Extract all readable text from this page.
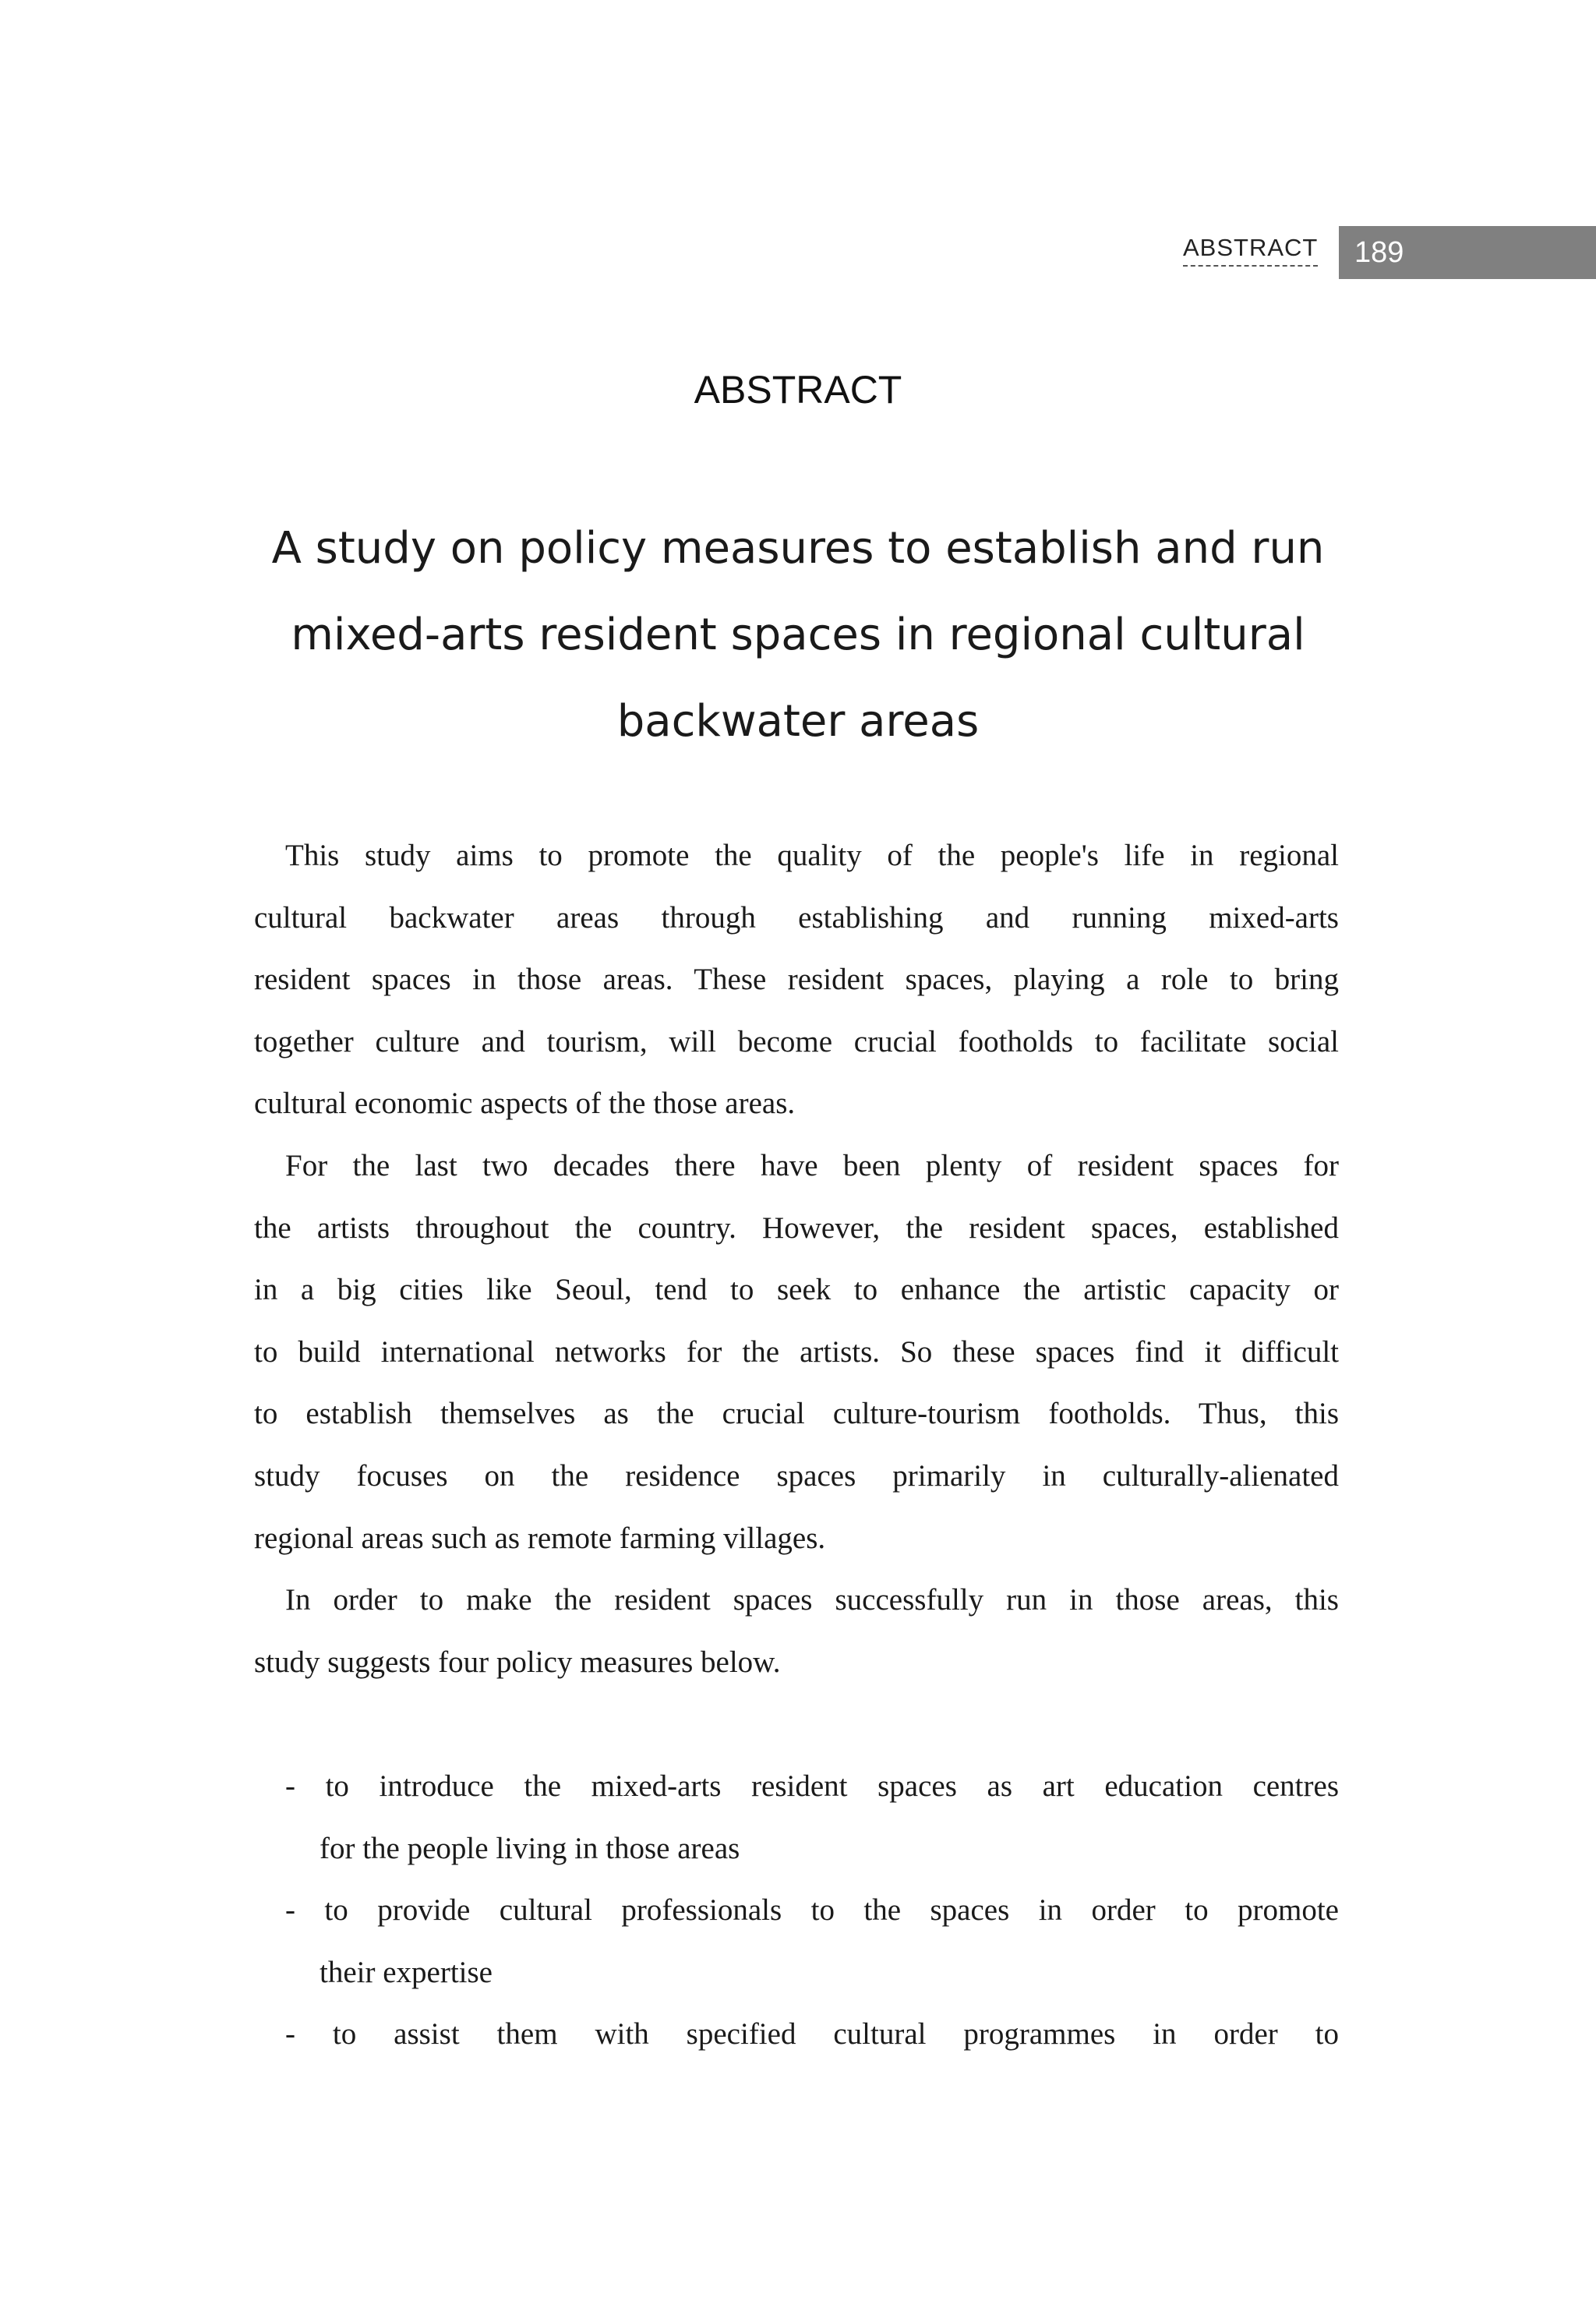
ABSTRACT 189
ABSTRACT
A study on policy measures to establish and run
mixed-arts resident spaces in regional cultural
backwater areas
This study aims to promote the quality of the people's life in regional
cultural backwater areas through establishing and running mixed-arts
resident spaces in those areas. These resident spaces, playing a role to bring
together culture and tourism, will become crucial footholds to facilitate social
cultural economic aspects of the those areas.
For the last two decades there have been plenty of resident spaces for
the artists throughout the country. However, the resident spaces, established
in a big cities like Seoul, tend to seek to enhance the artistic capacity or
to build international networks for the artists. So these spaces find it difficult
to establish themselves as the crucial culture-tourism footholds. Thus, this
study focuses on the residence spaces primarily in culturally-alienated
regional areas such as remote farming villages.
In order to make the resident spaces successfully run in those areas, this
study suggests four policy measures below.
- to introduce the mixed-arts resident spaces as art education centres
for the people living in those areas
- to provide cultural professionals to the spaces in order to promote
their expertise
- to assist them with specified cultural programmes in order to
